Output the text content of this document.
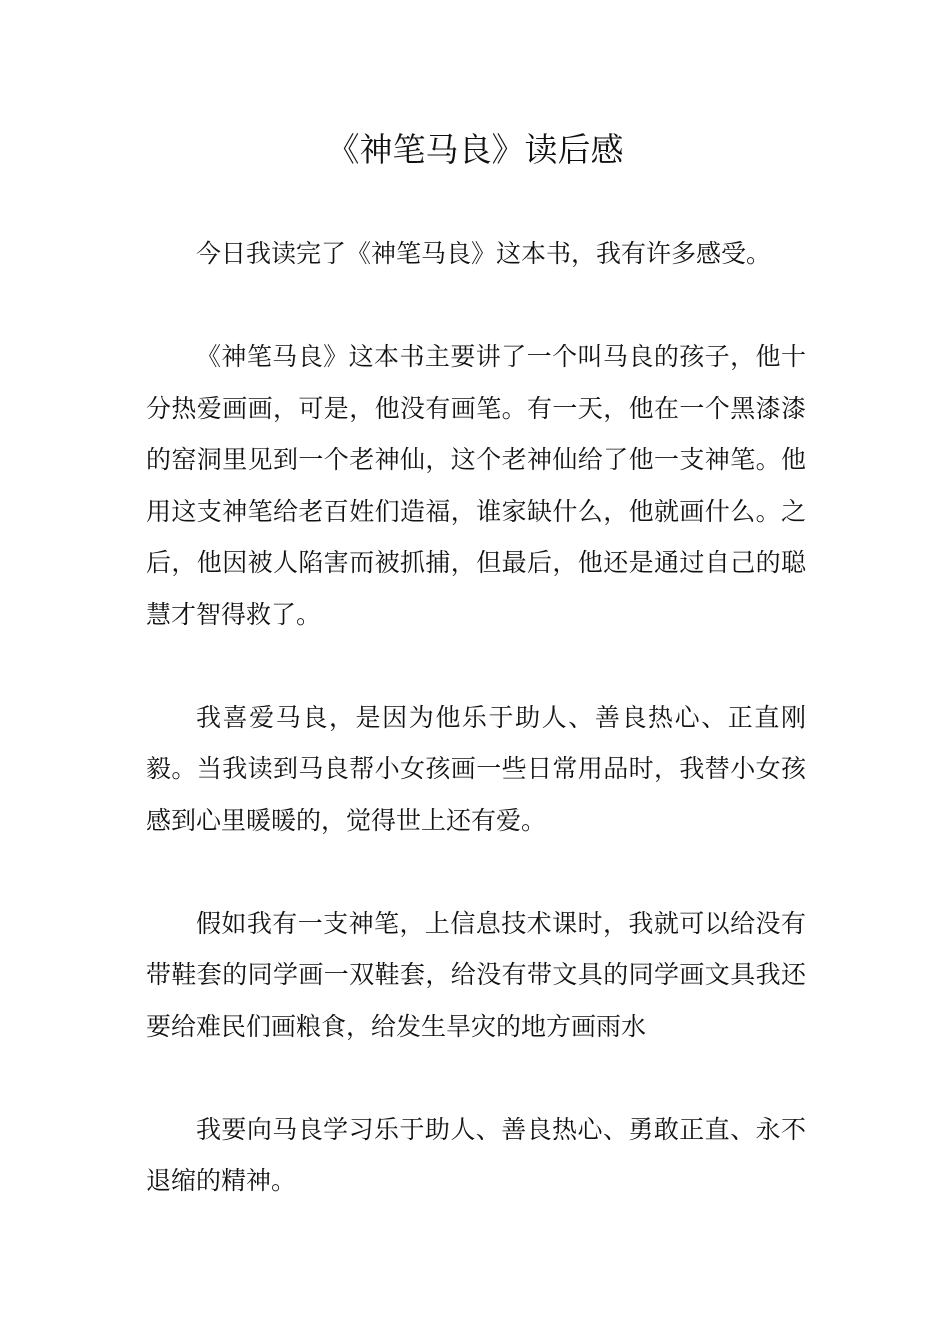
《神笔马良》读后感

今日我读完了《神笔马良》这本书，我有许多感受。

《神笔马良》这本书主要讲了一个叫马良的孩子，他十分热爱画画，可是，他没有画笔。有一天，他在一个黑漆漆的窑洞里见到一个老神仙，这个老神仙给了他一支神笔。他用这支神笔给老百姓们造福，谁家缺什么，他就画什么。之后，他因被人陷害而被抓捕，但最后，他还是通过自己的聪慧才智得救了。

我喜爱马良，是因为他乐于助人、善良热心、正直刚毅。当我读到马良帮小女孩画一些日常用品时，我替小女孩感到心里暖暖的，觉得世上还有爱。

假如我有一支神笔，上信息技术课时，我就可以给没有带鞋套的同学画一双鞋套，给没有带文具的同学画文具我还要给难民们画粮食，给发生旱灾的地方画雨水

我要向马良学习乐于助人、善良热心、勇敢正直、永不退缩的精神。
